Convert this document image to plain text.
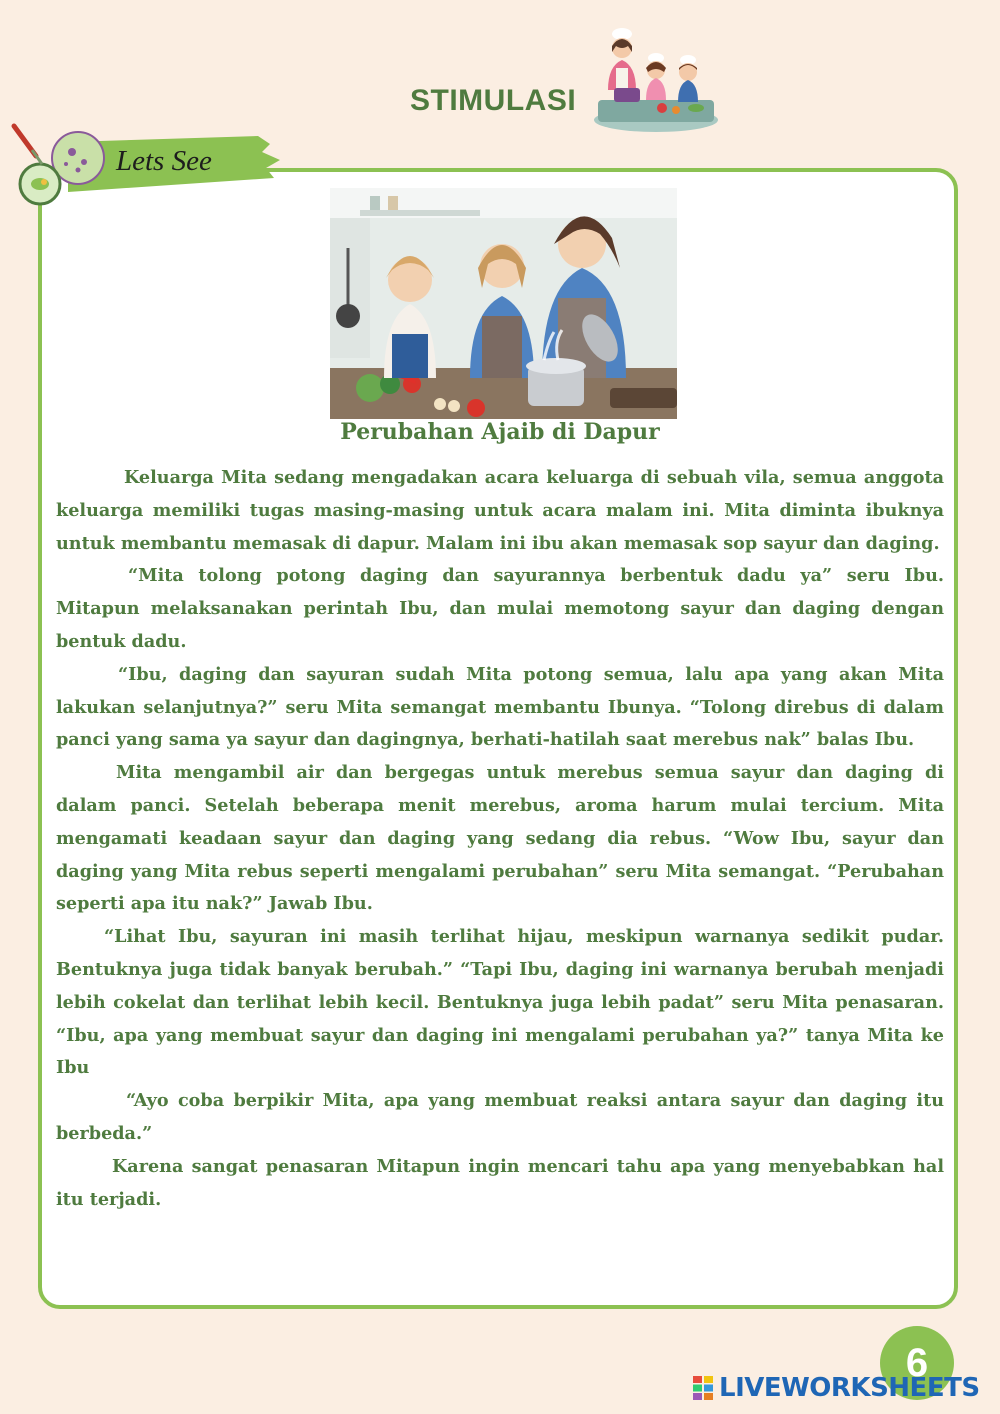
STIMULASI
Lets See
Perubahan Ajaib di Dapur

Keluarga Mita sedang mengadakan acara keluarga di sebuah vila, semua anggota keluarga memiliki tugas masing-masing untuk acara malam ini. Mita diminta ibuknya untuk membantu memasak di dapur. Malam ini ibu akan memasak sop sayur dan daging.

“Mita tolong potong daging dan sayurannya berbentuk dadu ya” seru Ibu. Mitapun melaksanakan perintah Ibu, dan mulai memotong sayur dan daging dengan bentuk dadu.

“Ibu, daging dan sayuran sudah Mita potong semua, lalu apa yang akan Mita lakukan selanjutnya?” seru Mita semangat membantu Ibunya. “Tolong direbus di dalam panci yang sama ya sayur dan dagingnya, berhati-hatilah saat merebus nak” balas Ibu.

Mita mengambil air dan bergegas untuk merebus semua sayur dan daging di dalam panci. Setelah beberapa menit merebus, aroma harum mulai tercium. Mita mengamati keadaan sayur dan daging yang sedang dia rebus. “Wow Ibu, sayur dan daging yang Mita rebus seperti mengalami perubahan” seru Mita semangat. “Perubahan seperti apa itu nak?” Jawab Ibu.

“Lihat Ibu, sayuran ini masih terlihat hijau, meskipun warnanya sedikit pudar. Bentuknya juga tidak banyak berubah.” “Tapi Ibu, daging ini warnanya berubah menjadi lebih cokelat dan terlihat lebih kecil. Bentuknya juga lebih padat” seru Mita penasaran. “Ibu, apa yang membuat sayur dan daging ini mengalami perubahan ya?” tanya Mita ke Ibu

“Ayo coba berpikir Mita, apa yang membuat reaksi antara sayur dan daging itu berbeda.”

Karena sangat penasaran Mitapun ingin mencari tahu apa yang menyebabkan hal itu terjadi.

6
LIVEWORKSHEETS
